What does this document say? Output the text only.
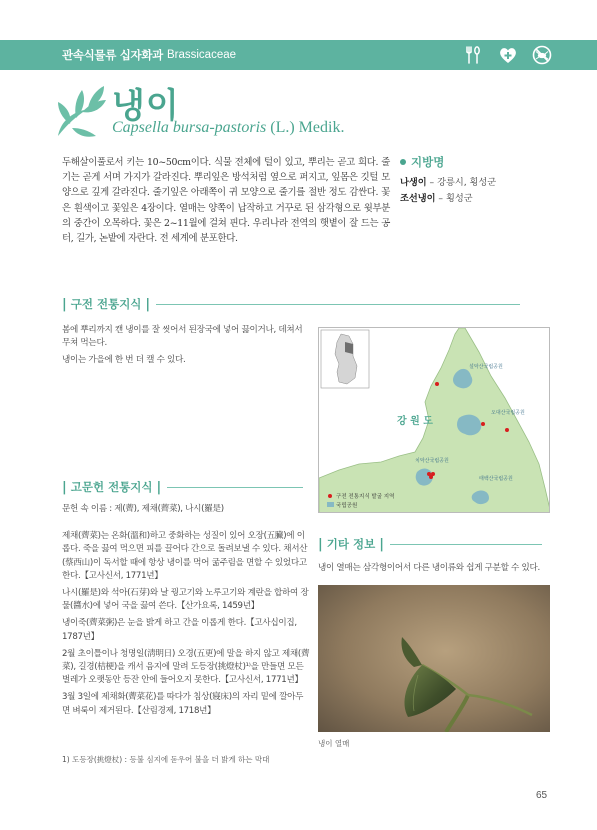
관속식물류 십자화과 Brassicaceae
냉이
Capsella bursa-pastoris (L.) Medik.
두해살이풀로서 키는 10~50cm이다. 식물 전체에 털이 있고, 뿌리는 곧고 희다. 줄기는 곧게 서며 가지가 갈라진다. 뿌리잎은 방석처럼 옆으로 퍼지고, 잎몸은 깃털 모양으로 깊게 갈라진다. 줄기잎은 아래쪽이 귀 모양으로 줄기를 절반 정도 감싼다. 꽃은 흰색이고 꽃잎은 4장이다. 열매는 양쪽이 납작하고 거꾸로 된 삼각형으로 윗부분의 중간이 오목하다. 꽃은 2~11월에 걸쳐 핀다. 우리나라 전역의 햇볕이 잘 드는 공터, 길가, 논밭에 자란다. 전 세계에 분포한다.
지방명
나생이 – 강릉시, 횡성군
조선냉이 – 횡성군
| 구전 전통지식 |

봄에 뿌리까지 캔 냉이를 잘 씻어서 된장국에 넣어 끓이거나, 데쳐서 무쳐 먹는다.

냉이는 가을에 한 번 더 캘 수 있다.

강 원 도
설악산국립공원
오대산국립공원
치악산국립공원
태백산국립공원
구전 전통지식 발굴 지역
국립공원
| 고문헌 전통지식 |

문헌 속 이름 : 제(薺), 제채(薺菜), 나시(羅是)

제채(薺菜)는 온화(溫和)하고 중화하는 성질이 있어 오장(五臟)에 이롭다. 죽을 끓여 먹으면 피를 끌어다 간으로 돌려보낼 수 있다. 채서산(蔡西山)이 독서할 때에 항상 냉이를 먹어 굶주림을 면할 수 있었다고 한다.【고사신서, 1771년】

나시(羅是)와 석아(石芽)와 날 꿩고기와 노루고기와 계란을 합하여 장물(醬水)에 넣어 국을 끓여 쓴다.【산가요록, 1459년】

냉이죽(薺菜粥)은 눈을 밝게 하고 간을 이롭게 한다.【고사십이집, 1787년】

2월 초이틀이나 청명일(淸明日) 오경(五更)에 말을 하지 않고 제채(薺菜), 길경(桔梗)을 캐서 음지에 말려 도등장(挑燈杖)¹⁾을 만들면 모든 벌레가 오랫동안 등잔 안에 들어오지 못한다.【고사신서, 1771년】

3월 3일에 제채화(薺菜花)를 따다가 침상(寢床)의 자리 밑에 깔아두면 벼룩이 제거된다.【산림경제, 1718년】

| 기타 정보 |

냉이 열매는 삼각형이어서 다른 냉이류와 쉽게 구분할 수 있다.

냉이 열매
1) 도등장(挑燈杖) : 등불 심지에 돋우어 불을 더 밝게 하는 막대
65
